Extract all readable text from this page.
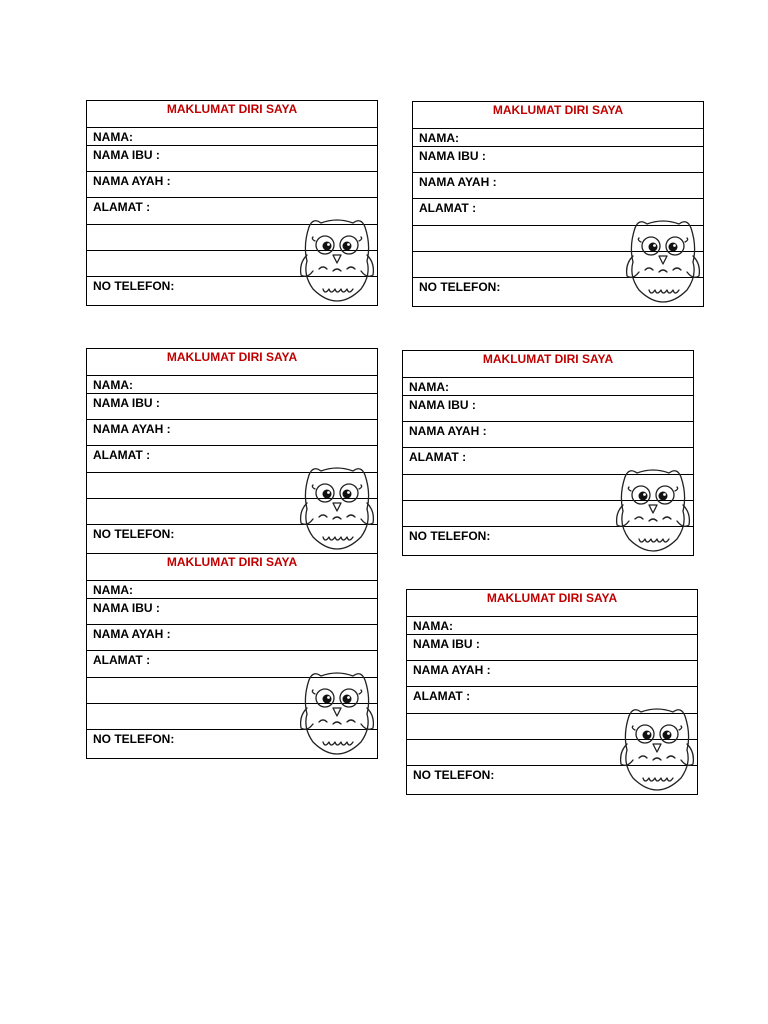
MAKLUMAT DIRI SAYA
NAMA:
NAMA IBU :
NAMA AYAH :
ALAMAT :
NO TELEFON:
MAKLUMAT DIRI SAYA
NAMA:
NAMA IBU :
NAMA AYAH :
ALAMAT :
NO TELEFON:
MAKLUMAT DIRI SAYA
NAMA:
NAMA IBU :
NAMA AYAH :
ALAMAT :
NO TELEFON:
MAKLUMAT DIRI SAYA
NAMA:
NAMA IBU :
NAMA AYAH :
ALAMAT :
NO TELEFON:
MAKLUMAT DIRI SAYA
NAMA:
NAMA IBU :
NAMA AYAH :
ALAMAT :
NO TELEFON:
MAKLUMAT DIRI SAYA
NAMA:
NAMA IBU :
NAMA AYAH :
ALAMAT :
NO TELEFON:
